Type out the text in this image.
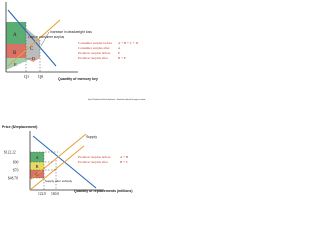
A
B
C
D
E
Increase in deadweight loss
Loss in consumer surplus
Q1 Q0	Quantity of memory key
Consumer surplus before A + B + C + D
Consumer surplus after A
Producer surplus before E
Producer surplus after	B + E
Figure 6.1 A Subsidy in the Market for Replacements ... Remarked the subsidy shifts the supply curve outward...
Price ($/replacement)
$122.22
$90
$70
$48.78
A
B
C
Supply
Supply after subsidy
122.0 160.0
Quantity of replacements (millions)
Producer surplus before	A + B
Producer surplus after	B + C
